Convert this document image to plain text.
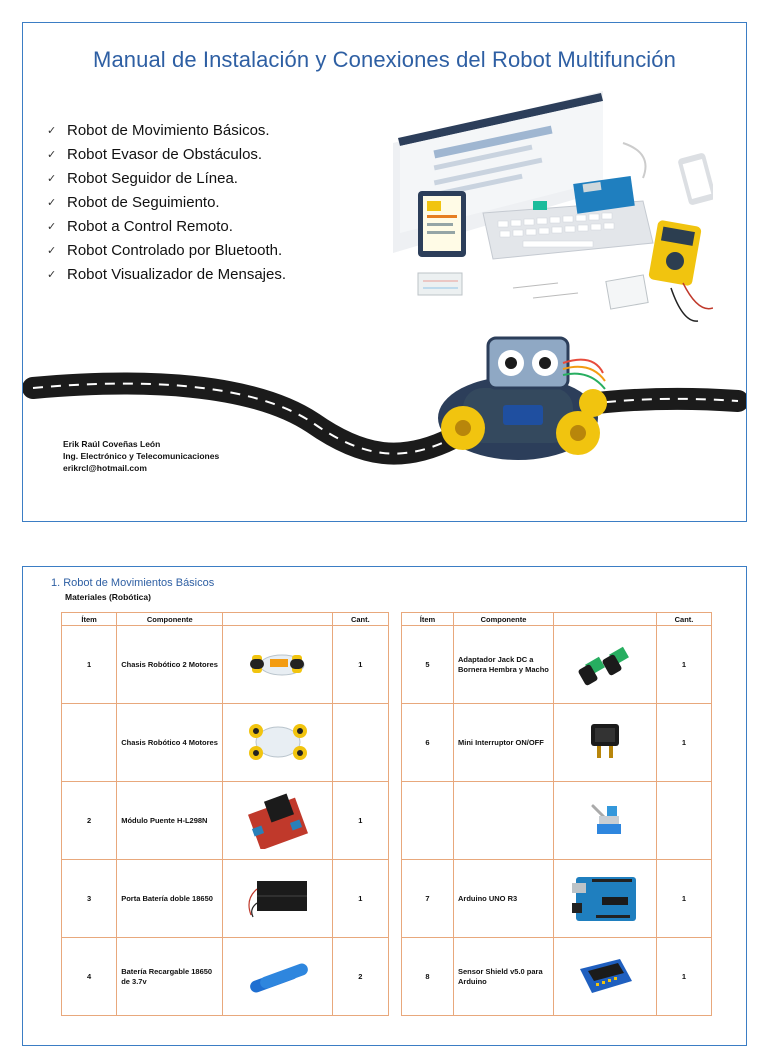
Manual de Instalación y Conexiones del Robot Multifunción
✓ Robot de Movimiento Básicos.
✓ Robot Evasor de Obstáculos.
✓ Robot Seguidor de Línea.
✓ Robot de Seguimiento.
✓ Robot a Control Remoto.
✓ Robot Controlado por Bluetooth.
✓ Robot Visualizador de Mensajes.
Erik Raúl Coveñas León
Ing. Electrónico y Telecomunicaciones
erikrcl@hotmail.com
1. Robot de Movimientos Básicos
Materiales (Robótica)
Ítem	Componente		Cant.
1	Chasis Robótico 2 Motores		1
	Chasis Robótico 4 Motores		
2	Módulo Puente H-L298N		1
3	Porta Batería doble 18650		1
4	Batería Recargable 18650 de 3.7v		2
Ítem	Componente		Cant.
5	Adaptador Jack DC a Bornera Hembra y Macho		1
6	Mini Interruptor ON/OFF		1

7	Arduino UNO R3		1
8	Sensor Shield v5.0 para Arduino		1
